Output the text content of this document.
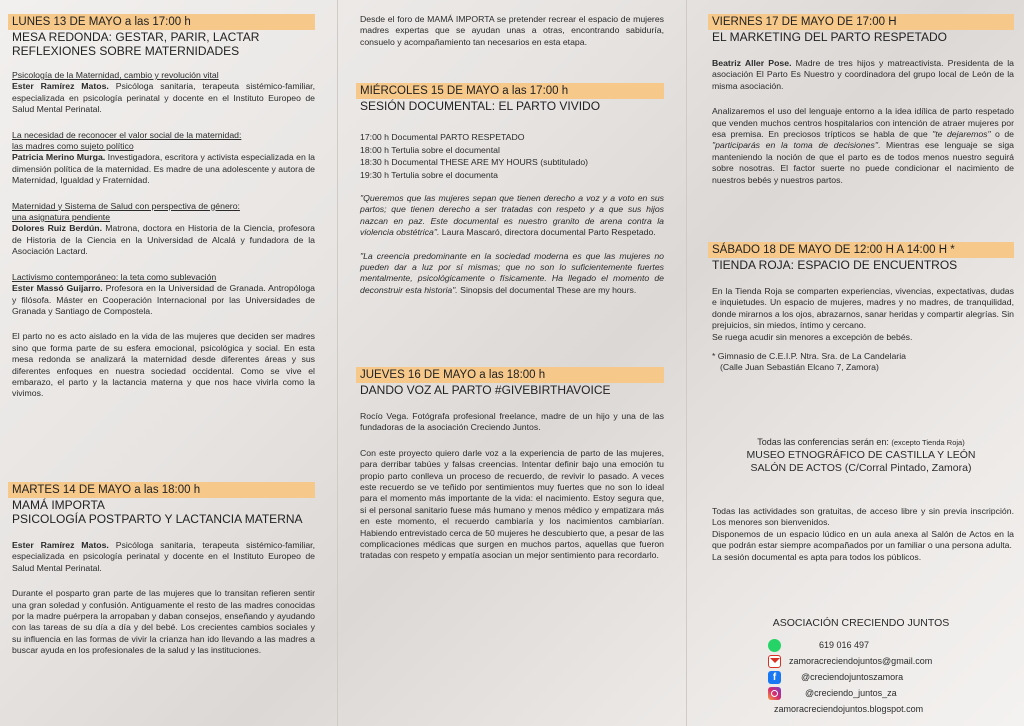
LUNES 13 DE MAYO a las 17:00 h
MESA REDONDA: GESTAR, PARIR, LACTAR
REFLEXIONES SOBRE MATERNIDADES

Psicología de la Maternidad, cambio y revolución vital

Ester Ramírez Matos. Psicóloga sanitaria, terapeuta sistémico-familiar, especializada en psicología perinatal y docente en el Instituto Europeo de Salud Mental Perinatal.

La necesidad de reconocer el valor social de la maternidad:

las madres como sujeto político

Patricia Merino Murga. Investigadora, escritora y activista especializada en la dimensión política de la maternidad. Es madre de una adolescente y autora de Maternidad, Igualdad y Fraternidad.

Maternidad y Sistema de Salud con perspectiva de género:

una asignatura pendiente

Dolores Ruiz Berdún. Matrona, doctora en Historia de la Ciencia, profesora de Historia de la Ciencia en la Universidad de Alcalá y fundadora de la Asociación Lactard.

Lactivismo contemporáneo: la teta como sublevación

Ester Massó Guijarro. Profesora en la Universidad de Granada. Antropóloga y filósofa. Máster en Cooperación Internacional por las Universidades de Granada y Santiago de Compostela.

El parto no es acto aislado en la vida de las mujeres que deciden ser madres sino que forma parte de su esfera emocional, psicológica y social. En esta mesa redonda se analizará la maternidad desde diferentes áreas y sus diferentes enfoques en nuestra sociedad occidental. Como se vive el embarazo, el parto y la lactancia materna y que nos hace vivirla como la vivimos.

MARTES 14 DE MAYO a las 18:00 h
MAMÁ IMPORTA
PSICOLOGÍA POSTPARTO Y LACTANCIA MATERNA

Ester Ramírez Matos. Psicóloga sanitaria, terapeuta sistémico-familiar, especializada en psicología perinatal y docente en el Instituto Europeo de Salud Mental Perinatal.

Durante el posparto gran parte de las mujeres que lo transitan refieren sentir una gran soledad y confusión. Antiguamente el resto de las madres conocidas por la madre puérpera la arropaban y daban consejos, enseñando y ayudando con las tareas de su día a día y del bebé. Los crecientes cambios sociales y su influencia en las formas de vivir la crianza han ido llevando a las madres a buscar ayuda en los profesionales de la salud y las instituciones.

Desde el foro de MAMÁ IMPORTA se pretender recrear el espacio de mujeres madres expertas que se ayudan unas a otras, encontrando sabiduría, consuelo y acompañamiento tan necesarios en esta etapa.

MIÉRCOLES 15 DE MAYO a las 17:00 h
SESIÓN DOCUMENTAL: EL PARTO VIVIDO
17:00 h Documental PARTO RESPETADO
18:00 h Tertulia sobre el documental
18:30 h Documental THESE ARE MY HOURS (subtitulado)
19:30 h Tertulia sobre el documenta

"Queremos que las mujeres sepan que tienen derecho a voz y a voto en sus partos; que tienen derecho a ser tratadas con respeto y a que sus hijos nazcan en paz. Este documental es nuestro granito de arena contra la violencia obstétrica". Laura Mascaró, directora documental Parto Respetado.

"La creencia predominante en la sociedad moderna es que las mujeres no pueden dar a luz por sí mismas; que no son lo suficientemente fuertes mentalmente, psicológicamente o físicamente. Ha llegado el momento de deconstruir esta historia". Sinopsis del documental These are my hours.

JUEVES 16 DE MAYO a las 18:00 h
DANDO VOZ AL PARTO #GIVEBIRTHAVOICE

Rocío Vega. Fotógrafa profesional freelance, madre de un hijo y una de las fundadoras de la asociación Creciendo Juntos.

Con este proyecto quiero darle voz a la experiencia de parto de las mujeres, para derribar tabúes y falsas creencias. Intentar definir bajo una emoción tu propio parto conlleva un proceso de recuerdo, de revivir lo pasado. A veces este recuerdo se ve teñido por sentimientos muy fuertes que no son lo ideal para el momento más importante de la vida: el nacimiento. Estoy segura que, si el personal sanitario fuese más humano y menos médico y empatizara más en este momento, el recuerdo cambiaría y los nacimientos cambiarían. Habiendo entrevistado cerca de 50 mujeres he descubierto que, a pesar de las complicaciones médicas que surgen en muchos partos, aquellas que fueron tratadas con respeto y empatía asocian un mejor sentimiento para recordarlo.

VIERNES 17 DE MAYO DE 17:00 H
EL MARKETING DEL PARTO RESPETADO

Beatriz Aller Pose. Madre de tres hijos y matreactivista. Presidenta de la asociación El Parto Es Nuestro y coordinadora del grupo local de León de la misma asociación.

Analizaremos el uso del lenguaje entorno a la idea idílica de parto respetado que venden muchos centros hospitalarios con intención de atraer mujeres por esa premisa. En preciosos trípticos se habla de que "te dejaremos" o de "participarás en la toma de decisiones". Mientras ese lenguaje se siga manteniendo la noción de que el parto es de todos menos nuestro seguirá sobre nosotras. El factor suerte no puede condicionar el nacimiento de nuestros bebés y nuestros partos.

SÁBADO 18 DE MAYO DE 12:00 H A 14:00 H *
TIENDA ROJA: ESPACIO DE ENCUENTROS

En la Tienda Roja se comparten experiencias, vivencias, expectativas, dudas e inquietudes. Un espacio de mujeres, madres y no madres, de tranquilidad, donde mirarnos a los ojos, abrazarnos, sanar heridas y compartir alegrías. Sin prejuicios, sin miedos, íntimo y cercano.

Se ruega acudir sin menores a excepción de bebés.

* Gimnasio de C.E.I.P. Ntra. Sra. de La Candelaria

(Calle Juan Sebastián Elcano 7, Zamora)

Todas las conferencias serán en: (excepto Tienda Roja)
MUSEO ETNOGRÁFICO DE CASTILLA Y LEÓN
SALÓN DE ACTOS (C/Corral Pintado, Zamora)

Todas las actividades son gratuitas, de acceso libre y sin previa inscripción. Los menores son bienvenidos.

Disponemos de un espacio lúdico en un aula anexa al Salón de Actos en la que podrán estar siempre acompañados por un familiar o una persona adulta.

La sesión documental es apta para todos los públicos.

ASOCIACIÓN CRECIENDO JUNTOS
619 016 497
zamoracreciendojuntos@gmail.com
f	@creciendojuntoszamora
@creciendo_juntos_za
zamoracreciendojuntos.blogspot.com
